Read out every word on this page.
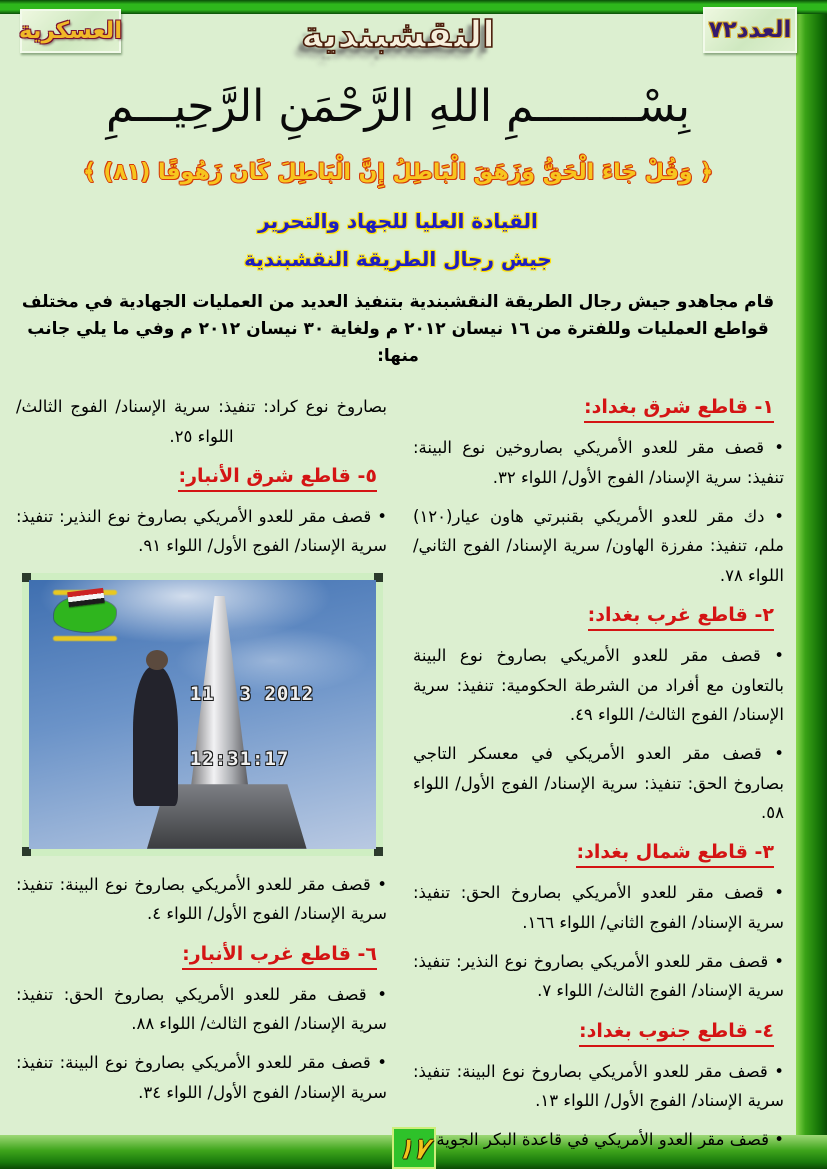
١٧
العسكرية	العدد٧٢
النقشبندية
بِسْــــــــمِ اللهِ الرَّحْمَنِ الرَّحِيـــمِ
﴿ وَقُلْ جَاءَ الْحَقُّ وَزَهَقَ الْبَاطِلُ إِنَّ الْبَاطِلَ كَانَ زَهُوقًا (٨١) ﴾
القيادة العليا للجهاد والتحرير
جيش رجال الطريقة النقشبندية
قام مجاهدو جيش رجال الطريقة النقشبندية بتنفيذ العديد من العمليات الجهادية في مختلف قواطع العمليات وللفترة من ١٦ نيسان ٢٠١٢ م ولغاية ٣٠ نيسان ٢٠١٢ م وفي ما يلي جانب منها:
١- قاطع شرق بغداد:

• قصف مقر للعدو الأمريكي بصاروخين نوع البينة: تنفيذ: سرية الإسناد/ الفوج الأول/ اللواء ٣٢.

• دك مقر للعدو الأمريكي بقنبرتي هاون عيار(١٢٠) ملم، تنفيذ: مفرزة الهاون/ سرية الإسناد/ الفوج الثاني/ اللواء ٧٨.

٢- قاطع غرب بغداد:

• قصف مقر للعدو الأمريكي بصاروخ نوع البينة بالتعاون مع أفراد من الشرطة الحكومية: تنفيذ: سرية الإسناد/ الفوج الثالث/ اللواء ٤٩.

• قصف مقر العدو الأمريكي في معسكر التاجي بصاروخ الحق: تنفيذ: سرية الإسناد/ الفوج الأول/ اللواء ٥٨.

٣- قاطع شمال بغداد:

• قصف مقر للعدو الأمريكي بصاروخ الحق: تنفيذ: سرية الإسناد/ الفوج الثاني/ اللواء ١٦٦.

• قصف مقر للعدو الأمريكي بصاروخ نوع النذير: تنفيذ: سرية الإسناد/ الفوج الثالث/ اللواء ٧.

٤- قاطع جنوب بغداد:

• قصف مقر للعدو الأمريكي بصاروخ نوع البينة: تنفيذ: سرية الإسناد/ الفوج الأول/ اللواء ١٣.

• قصف مقر العدو الأمريكي في قاعدة البكر الجوية

بصاروخ نوع كراد: تنفيذ: سرية الإسناد/ الفوج الثالث/ اللواء ٢٥.

٥- قاطع شرق الأنبار:

• قصف مقر للعدو الأمريكي بصاروخ نوع النذير: تنفيذ: سرية الإسناد/ الفوج الأول/ اللواء ٩١.

11  3 2012

12:31:17

• قصف مقر للعدو الأمريكي بصاروخ نوع البينة: تنفيذ: سرية الإسناد/ الفوج الأول/ اللواء ٤.

٦- قاطع غرب الأنبار:

• قصف مقر للعدو الأمريكي بصاروخ الحق: تنفيذ: سرية الإسناد/ الفوج الثالث/ اللواء ٨٨.

• قصف مقر للعدو الأمريكي بصاروخ نوع البينة: تنفيذ: سرية الإسناد/ الفوج الأول/ اللواء ٣٤.
